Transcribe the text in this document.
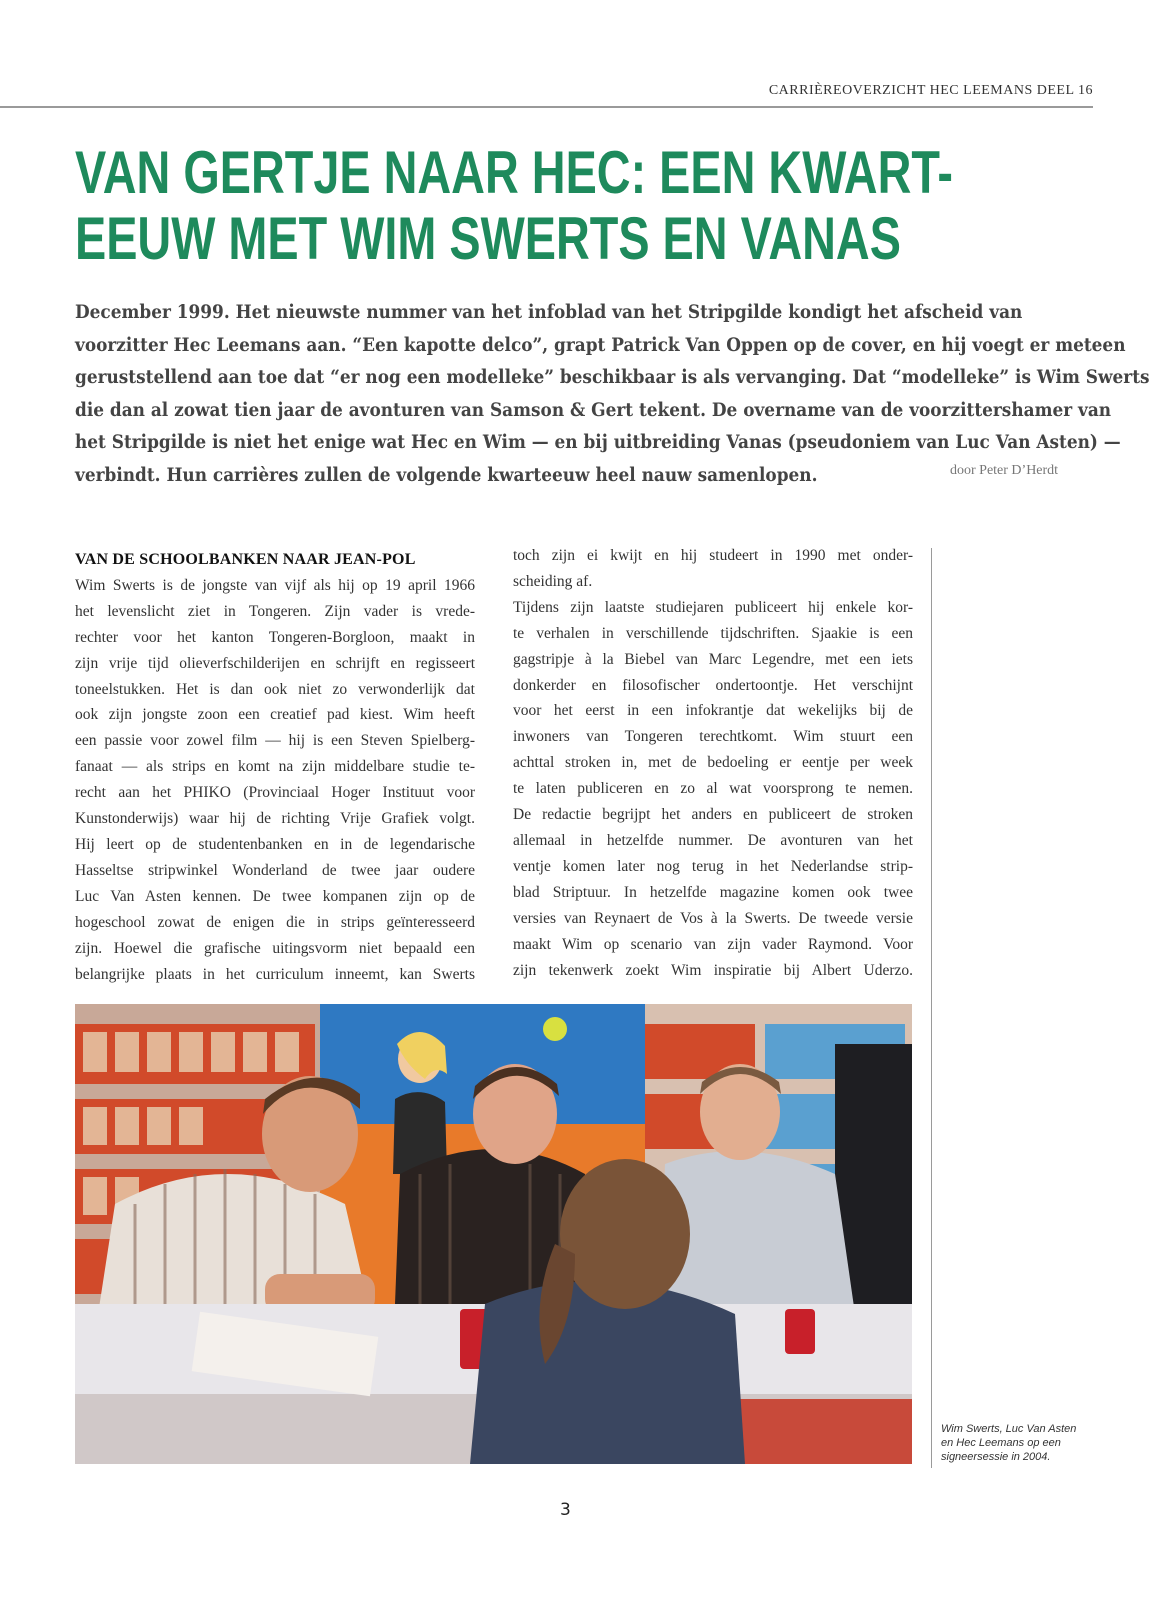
CARRIÈREOVERZICHT HEC LEEMANS DEEL 16
VAN GERTJE NAAR HEC: EEN KWART-
EEUW MET WIM SWERTS EN VANAS
December 1999. Het nieuwste nummer van het infoblad van het Stripgilde kondigt het afscheid van
voorzitter Hec Leemans aan. “Een kapotte delco”, grapt Patrick Van Oppen op de cover, en hij voegt er meteen
geruststellend aan toe dat “er nog een modelleke” beschikbaar is als vervanging. Dat “modelleke” is Wim Swerts
die dan al zowat tien jaar de avonturen van Samson & Gert tekent. De overname van de voorzittershamer van
het Stripgilde is niet het enige wat Hec en Wim — en bij uitbreiding Vanas (pseudoniem van Luc Van Asten) —
verbindt. Hun carrières zullen de volgende kwarteeuw heel nauw samenlopen.	door Peter D’Herdt
VAN DE SCHOOLBANKEN NAAR JEAN-POL
Wim Swerts is de jongste van vijf als hij op 19 april 1966
het levenslicht ziet in Tongeren. Zijn vader is vrede-
rechter voor het kanton Tongeren-Borgloon, maakt in
zijn vrije tijd olieverfschilderijen en schrijft en regisseert
toneelstukken. Het is dan ook niet zo verwonderlijk dat
ook zijn jongste zoon een creatief pad kiest. Wim heeft
een passie voor zowel film — hij is een Steven Spielberg-
fanaat — als strips en komt na zijn middelbare studie te-
recht aan het PHIKO (Provinciaal Hoger Instituut voor
Kunstonderwijs) waar hij de richting Vrije Grafiek volgt.
Hij leert op de studentenbanken en in de legendarische
Hasseltse stripwinkel Wonderland de twee jaar oudere
Luc Van Asten kennen. De twee kompanen zijn op de
hogeschool zowat de enigen die in strips geïnteresseerd
zijn. Hoewel die grafische uitingsvorm niet bepaald een
belangrijke plaats in het curriculum inneemt, kan Swerts
toch zijn ei kwijt en hij studeert in 1990 met onder-
scheiding af.
Tijdens zijn laatste studiejaren publiceert hij enkele kor-
te verhalen in verschillende tijdschriften. Sjaakie is een
gagstripje à la Biebel van Marc Legendre, met een iets
donkerder en filosofischer ondertoontje. Het verschijnt
voor het eerst in een infokrantje dat wekelijks bij de
inwoners van Tongeren terechtkomt. Wim stuurt een
achttal stroken in, met de bedoeling er eentje per week
te laten publiceren en zo al wat voorsprong te nemen.
De redactie begrijpt het anders en publiceert de stroken
allemaal in hetzelfde nummer. De avonturen van het
ventje komen later nog terug in het Nederlandse strip-
blad Striptuur. In hetzelfde magazine komen ook twee
versies van Reynaert de Vos à la Swerts. De tweede versie
maakt Wim op scenario van zijn vader Raymond. Voor
zijn tekenwerk zoekt Wim inspiratie bij Albert Uderzo.
Wim Swerts, Luc Van Asten
en Hec Leemans op een
signeersessie in 2004.
3
